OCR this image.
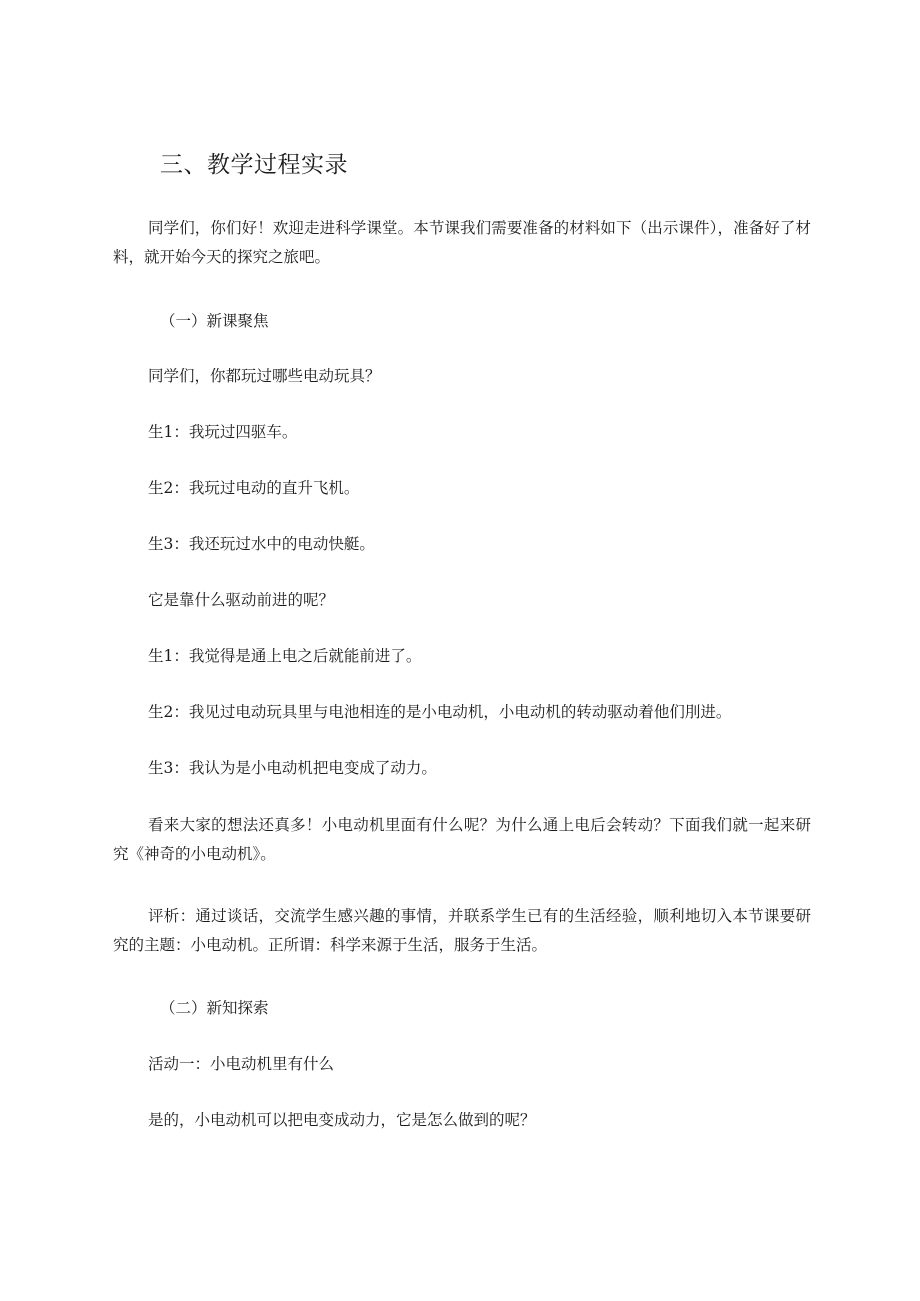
三、教学过程实录

同学们，你们好！欢迎走进科学课堂。本节课我们需要准备的材料如下（出示课件），准备好了材料，就开始今天的探究之旅吧。

（一）新课聚焦

同学们，你都玩过哪些电动玩具？

生1：我玩过四驱车。

生2：我玩过电动的直升飞机。

生3：我还玩过水中的电动快艇。

它是靠什么驱动前进的呢？

生1：我觉得是通上电之后就能前进了。

生2：我见过电动玩具里与电池相连的是小电动机，小电动机的转动驱动着他们刖进。

生3：我认为是小电动机把电变成了动力。

看来大家的想法还真多！小电动机里面有什么呢？为什么通上电后会转动？下面我们就一起来研究《神奇的小电动机》。

评析：通过谈话，交流学生感兴趣的事情，并联系学生已有的生活经验，顺利地切入本节课要研究的主题：小电动机。正所谓：科学来源于生活，服务于生活。

（二）新知探索

活动一：小电动机里有什么

是的，小电动机可以把电变成动力，它是怎么做到的呢？
